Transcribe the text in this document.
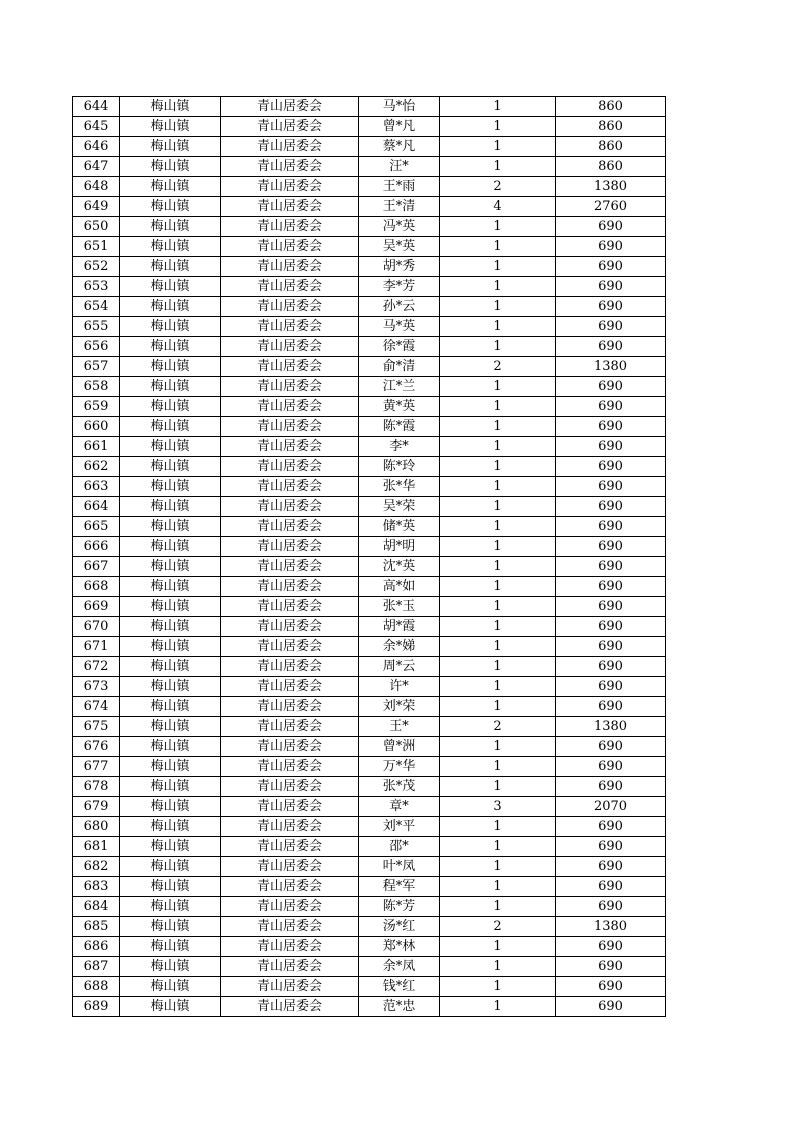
644	梅山镇	青山居委会	马*怡	1	860
645	梅山镇	青山居委会	曾*凡	1	860
646	梅山镇	青山居委会	蔡*凡	1	860
647	梅山镇	青山居委会	汪*	1	860
648	梅山镇	青山居委会	王*雨	2	1380
649	梅山镇	青山居委会	王*清	4	2760
650	梅山镇	青山居委会	冯*英	1	690
651	梅山镇	青山居委会	吴*英	1	690
652	梅山镇	青山居委会	胡*秀	1	690
653	梅山镇	青山居委会	李*芳	1	690
654	梅山镇	青山居委会	孙*云	1	690
655	梅山镇	青山居委会	马*英	1	690
656	梅山镇	青山居委会	徐*霞	1	690
657	梅山镇	青山居委会	俞*清	2	1380
658	梅山镇	青山居委会	江*兰	1	690
659	梅山镇	青山居委会	黄*英	1	690
660	梅山镇	青山居委会	陈*霞	1	690
661	梅山镇	青山居委会	李*	1	690
662	梅山镇	青山居委会	陈*玲	1	690
663	梅山镇	青山居委会	张*华	1	690
664	梅山镇	青山居委会	吴*荣	1	690
665	梅山镇	青山居委会	储*英	1	690
666	梅山镇	青山居委会	胡*明	1	690
667	梅山镇	青山居委会	沈*英	1	690
668	梅山镇	青山居委会	高*如	1	690
669	梅山镇	青山居委会	张*玉	1	690
670	梅山镇	青山居委会	胡*霞	1	690
671	梅山镇	青山居委会	余*娣	1	690
672	梅山镇	青山居委会	周*云	1	690
673	梅山镇	青山居委会	许*	1	690
674	梅山镇	青山居委会	刘*荣	1	690
675	梅山镇	青山居委会	王*	2	1380
676	梅山镇	青山居委会	曾*洲	1	690
677	梅山镇	青山居委会	万*华	1	690
678	梅山镇	青山居委会	张*茂	1	690
679	梅山镇	青山居委会	章*	3	2070
680	梅山镇	青山居委会	刘*平	1	690
681	梅山镇	青山居委会	邵*	1	690
682	梅山镇	青山居委会	叶*凤	1	690
683	梅山镇	青山居委会	程*军	1	690
684	梅山镇	青山居委会	陈*芳	1	690
685	梅山镇	青山居委会	汤*红	2	1380
686	梅山镇	青山居委会	郑*林	1	690
687	梅山镇	青山居委会	余*凤	1	690
688	梅山镇	青山居委会	钱*红	1	690
689	梅山镇	青山居委会	范*忠	1	690
